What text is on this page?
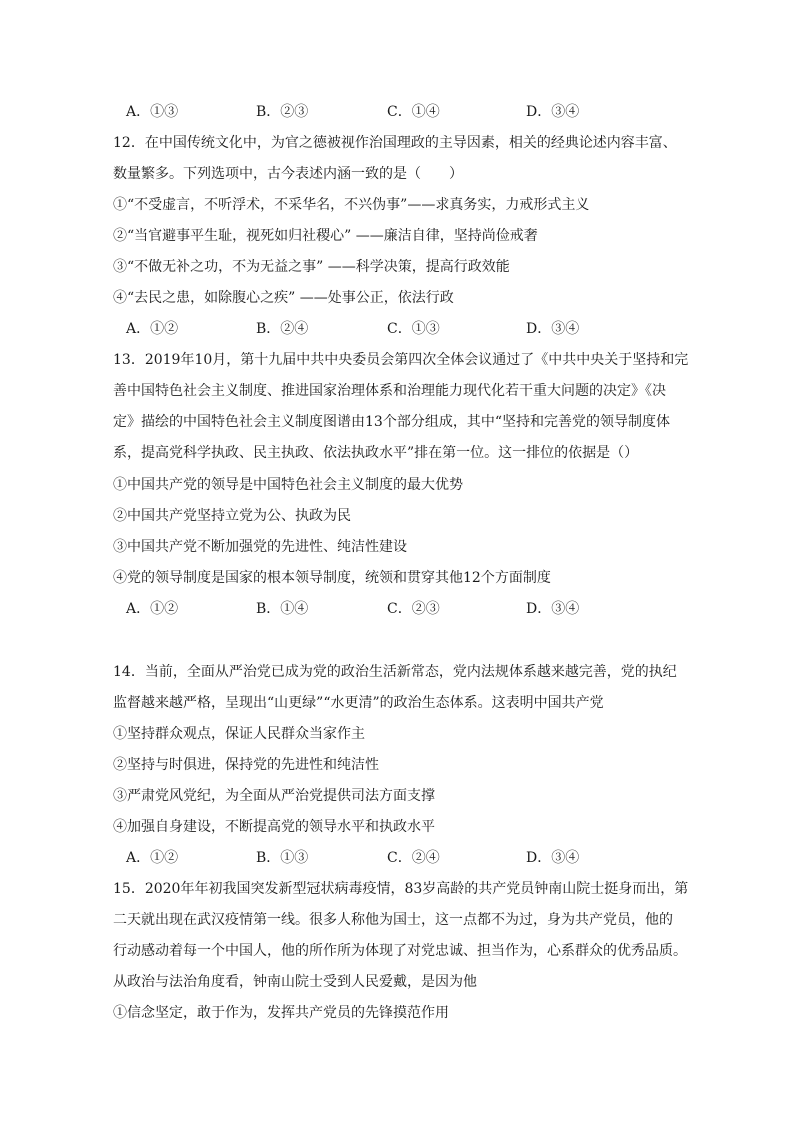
A．①③	B．②③	C．①④	D．③④
12．在中国传统文化中，为官之德被视作治国理政的主导因素，相关的经典论述内容丰富、
数量繁多。下列选项中，古今表述内涵一致的是（　　）
①“不受虚言，不听浮术，不采华名，不兴伪事”——求真务实，力戒形式主义
②“当官避事平生耻，视死如归社稷心” ——廉洁自律，坚持尚俭戒奢
③“不做无补之功，不为无益之事” ——科学决策，提高行政效能
④“去民之患，如除腹心之疾” ——处事公正，依法行政
A．①②	B．②④	C．①③	D．③④
13．2019年10月，第十九届中共中央委员会第四次全体会议通过了《中共中央关于坚持和完
善中国特色社会主义制度、推进国家治理体系和治理能力现代化若干重大问题的决定》《决
定》描绘的中国特色社会主义制度图谱由13个部分组成，其中“坚持和完善党的领导制度体
系，提高党科学执政、民主执政、依法执政水平”排在第一位。这一排位的依据是（）
①中国共产党的领导是中国特色社会主义制度的最大优势
②中国共产党坚持立党为公、执政为民
③中国共产党不断加强党的先进性、纯洁性建设
④党的领导制度是国家的根本领导制度，统领和贯穿其他12个方面制度
A．①②	B．①④	C．②③	D．③④
14．当前，全面从严治党已成为党的政治生活新常态，党内法规体系越来越完善，党的执纪
监督越来越严格，呈现出“山更绿”“水更清”的政治生态体系。这表明中国共产党
①坚持群众观点，保证人民群众当家作主
②坚持与时俱进，保持党的先进性和纯洁性
③严肃党风党纪，为全面从严治党提供司法方面支撑
④加强自身建设，不断提高党的领导水平和执政水平
A．①②	B．①③	C．②④	D．③④
15．2020年年初我国突发新型冠状病毒疫情，83岁高龄的共产党员钟南山院士挺身而出，第
二天就出现在武汉疫情第一线。很多人称他为国士，这一点都不为过，身为共产党员，他的
行动感动着每一个中国人，他的所作所为体现了对党忠诚、担当作为，心系群众的优秀品质。
从政治与法治角度看，钟南山院士受到人民爱戴，是因为他
①信念坚定，敢于作为，发挥共产党员的先锋摸范作用
